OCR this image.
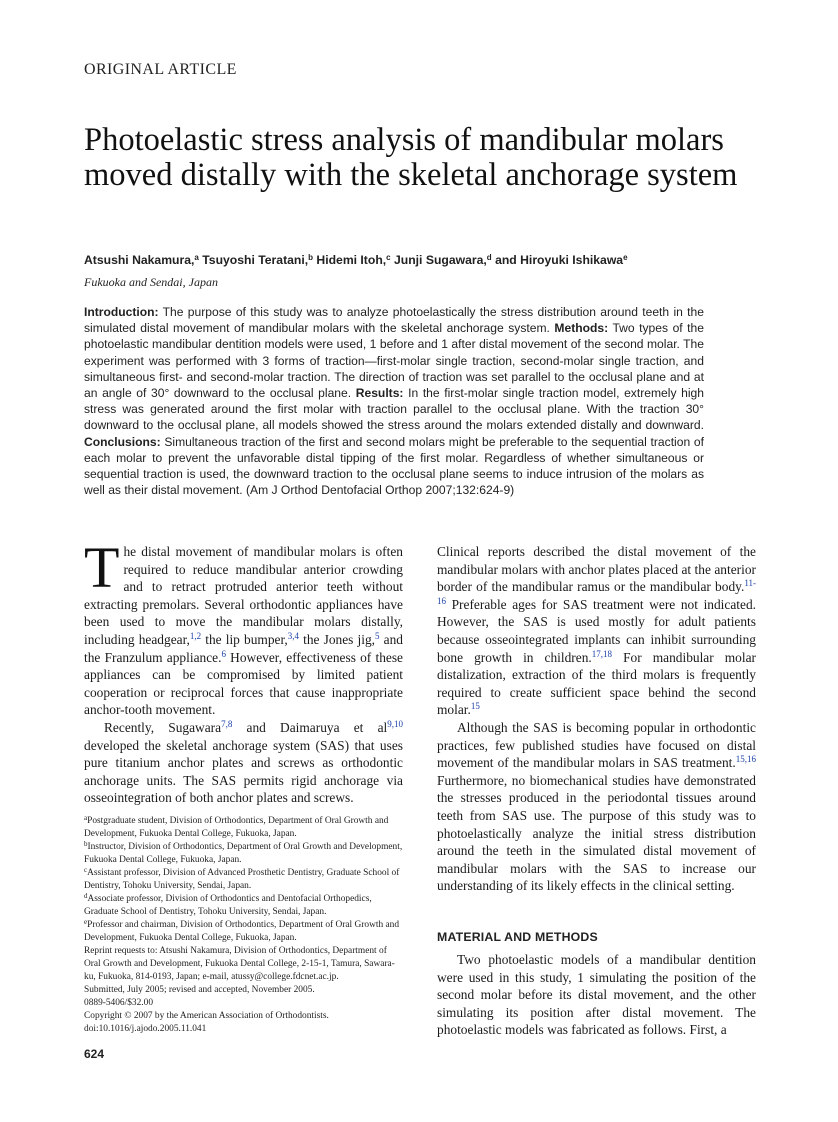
ORIGINAL ARTICLE
Photoelastic stress analysis of mandibular molars moved distally with the skeletal anchorage system
Atsushi Nakamura,$^a$ Tsuyoshi Teratani,$^b$ Hidemi Itoh,$^c$ Junji Sugawara,$^d$ and Hiroyuki Ishikawa$^e$
Fukuoka and Sendai, Japan

Introduction: The purpose of this study was to analyze photoelastically the stress distribution around teeth in the simulated distal movement of mandibular molars with the skeletal anchorage system. Methods: Two types of the photoelastic mandibular dentition models were used, 1 before and 1 after distal movement of the second molar. The experiment was performed with 3 forms of traction—first-molar single traction, second-molar single traction, and simultaneous first- and second-molar traction. The direction of traction was set parallel to the occlusal plane and at an angle of 30° downward to the occlusal plane. Results: In the first-molar single traction model, extremely high stress was generated around the first molar with traction parallel to the occlusal plane. With the traction 30° downward to the occlusal plane, all models showed the stress around the molars extended distally and downward. Conclusions: Simultaneous traction of the first and second molars might be preferable to the sequential traction of each molar to prevent the unfavorable distal tipping of the first molar. Regardless of whether simultaneous or sequential traction is used, the downward traction to the occlusal plane seems to induce intrusion of the molars as well as their distal movement. (Am J Orthod Dentofacial Orthop 2007;132:624-9)

The distal movement of mandibular molars is often required to reduce mandibular anterior crowding and to retract protruded anterior teeth without extracting premolars. Several orthodontic appliances have been used to move the mandibular molars distally, including headgear,$^{1,2}$ the lip bumper,$^{3,4}$ the Jones jig,$^5$ and the Franzulum appliance.$^6$ However, effectiveness of these appliances can be compromised by limited patient cooperation or reciprocal forces that cause inappropriate anchor-tooth movement.

Recently, Sugawara$^{7,8}$ and Daimaruya et al$^{9,10}$ developed the skeletal anchorage system (SAS) that uses pure titanium anchor plates and screws as orthodontic anchorage units. The SAS permits rigid anchorage via osseointegration of both anchor plates and screws.

$^a$Postgraduate student, Division of Orthodontics, Department of Oral Growth and Development, Fukuoka Dental College, Fukuoka, Japan.

$^b$Instructor, Division of Orthodontics, Department of Oral Growth and Development, Fukuoka Dental College, Fukuoka, Japan.

$^c$Assistant professor, Division of Advanced Prosthetic Dentistry, Graduate School of Dentistry, Tohoku University, Sendai, Japan.

$^d$Associate professor, Division of Orthodontics and Dentofacial Orthopedics, Graduate School of Dentistry, Tohoku University, Sendai, Japan.

$^e$Professor and chairman, Division of Orthodontics, Department of Oral Growth and Development, Fukuoka Dental College, Fukuoka, Japan.

Reprint requests to: Atsushi Nakamura, Division of Orthodontics, Department of Oral Growth and Development, Fukuoka Dental College, 2-15-1, Tamura, Sawara-ku, Fukuoka, 814-0193, Japan; e-mail, atussy@college.fdcnet.ac.jp.

Submitted, July 2005; revised and accepted, November 2005.

0889-5406/$32.00

Copyright © 2007 by the American Association of Orthodontists.

doi:10.1016/j.ajodo.2005.11.041

Clinical reports described the distal movement of the mandibular molars with anchor plates placed at the anterior border of the mandibular ramus or the mandibular body.$^{11-16}$ Preferable ages for SAS treatment were not indicated. However, the SAS is used mostly for adult patients because osseointegrated implants can inhibit surrounding bone growth in children.$^{17,18}$ For mandibular molar distalization, extraction of the third molars is frequently required to create sufficient space behind the second molar.$^{15}$

Although the SAS is becoming popular in orthodontic practices, few published studies have focused on distal movement of the mandibular molars in SAS treatment.$^{15,16}$ Furthermore, no biomechanical studies have demonstrated the stresses produced in the periodontal tissues around teeth from SAS use. The purpose of this study was to photoelastically analyze the initial stress distribution around the teeth in the simulated distal movement of mandibular molars with the SAS to increase our understanding of its likely effects in the clinical setting.

MATERIAL AND METHODS

Two photoelastic models of a mandibular dentition were used in this study, 1 simulating the position of the second molar before its distal movement, and the other simulating its position after distal movement. The photoelastic models was fabricated as follows. First, a

624
